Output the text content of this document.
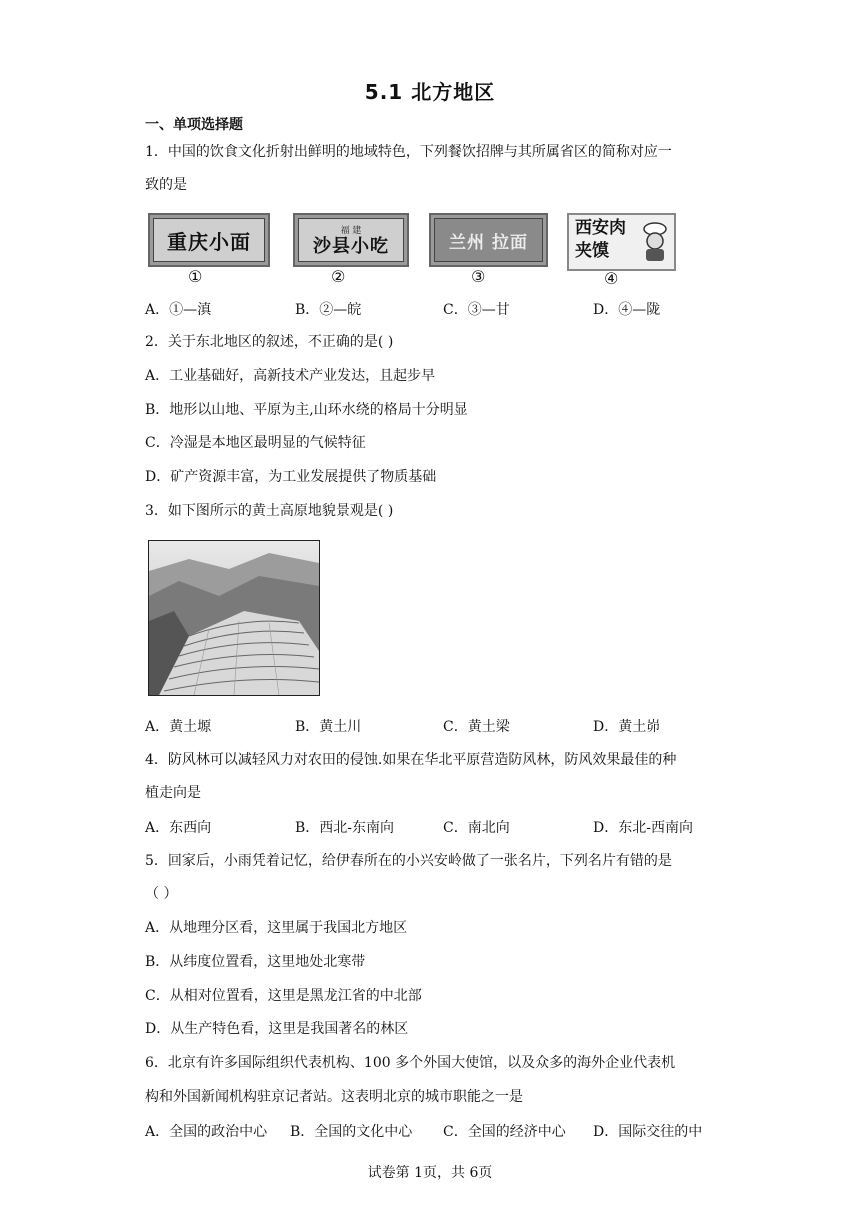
5.1 北方地区
一、单项选择题
1．中国的饮食文化折射出鲜明的地域特色，下列餐饮招牌与其所属省区的简称对应一
致的是
重庆小面
①
福 建
沙县小吃
②
兰州 拉面
③
西安肉夹馍
④
A．①—滇	B．②—皖	C．③—甘	D．④—陇
2．关于东北地区的叙述，不正确的是( )
A．工业基础好，高新技术产业发达，且起步早
B．地形以山地、平原为主,山环水绕的格局十分明显
C．冷湿是本地区最明显的气候特征
D．矿产资源丰富，为工业发展提供了物质基础
3．如下图所示的黄土高原地貌景观是( )
A．黄土塬	B．黄土川	C．黄土梁	D．黄土峁
4．防风林可以减轻风力对农田的侵蚀.如果在华北平原营造防风林，防风效果最佳的种
植走向是
A．东西向	B．西北-东南向	C．南北向	D．东北-西南向
5．回家后，小雨凭着记忆，给伊春所在的小兴安岭做了一张名片，下列名片有错的是
（ ）
A．从地理分区看，这里属于我国北方地区
B．从纬度位置看，这里地处北寒带
C．从相对位置看，这里是黑龙江省的中北部
D．从生产特色看，这里是我国著名的林区
6．北京有许多国际组织代表机构、100 多个外国大使馆，以及众多的海外企业代表机
构和外国新闻机构驻京记者站。这表明北京的城市职能之一是
A．全国的政治中心 B．全国的文化中心 C．全国的经济中心 D．国际交往的中
试卷第 1页，共 6页
